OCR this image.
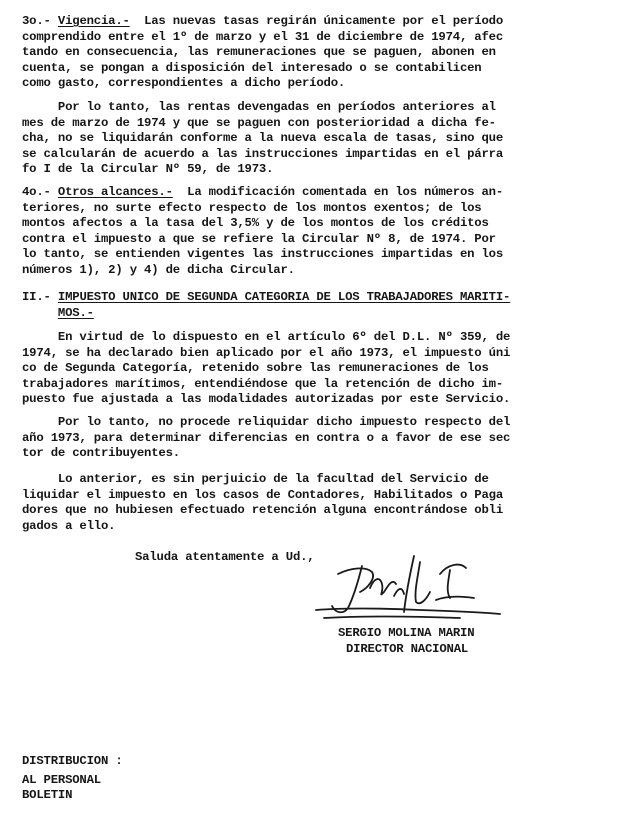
3o.- Vigencia.- Las nuevas tasas regirán únicamente por el período
comprendido entre el 1º de marzo y el 31 de diciembre de 1974, afec
tando en consecuencia, las remuneraciones que se paguen, abonen en
cuenta, se pongan a disposición del interesado o se contabilicen
como gasto, correspondientes a dicho período.
Por lo tanto, las rentas devengadas en períodos anteriores al
mes de marzo de 1974 y que se paguen con posterioridad a dicha fe-
cha, no se liquidarán conforme a la nueva escala de tasas, sino que
se calcularán de acuerdo a las instrucciones impartidas en el párra
fo I de la Circular Nº 59, de 1973.
4o.- Otros alcances.- La modificación comentada en los números an-
teriores, no surte efecto respecto de los montos exentos; de los
montos afectos a la tasa del 3,5% y de los montos de los créditos
contra el impuesto a que se refiere la Circular Nº 8, de 1974. Por
lo tanto, se entienden vigentes las instrucciones impartidas en los
números 1), 2) y 4) de dicha Circular.
II.- IMPUESTO UNICO DE SEGUNDA CATEGORIA DE LOS TRABAJADORES MARITI-
MOS.-
En virtud de lo dispuesto en el artículo 6º del D.L. Nº 359, de
1974, se ha declarado bien aplicado por el año 1973, el impuesto úni
co de Segunda Categoría, retenido sobre las remuneraciones de los
trabajadores marítimos, entendiéndose que la retención de dicho im-
puesto fue ajustada a las modalidades autorizadas por este Servicio.
Por lo tanto, no procede reliquidar dicho impuesto respecto del
año 1973, para determinar diferencias en contra o a favor de ese sec
tor de contribuyentes.
Lo anterior, es sin perjuicio de la facultad del Servicio de
liquidar el impuesto en los casos de Contadores, Habilitados o Paga
dores que no hubiesen efectuado retención alguna encontrándose obli
gados a ello.
Saluda atentamente a Ud.,
SERGIO MOLINA MARIN
DIRECTOR NACIONAL
DISTRIBUCION :
AL PERSONAL
BOLETIN
